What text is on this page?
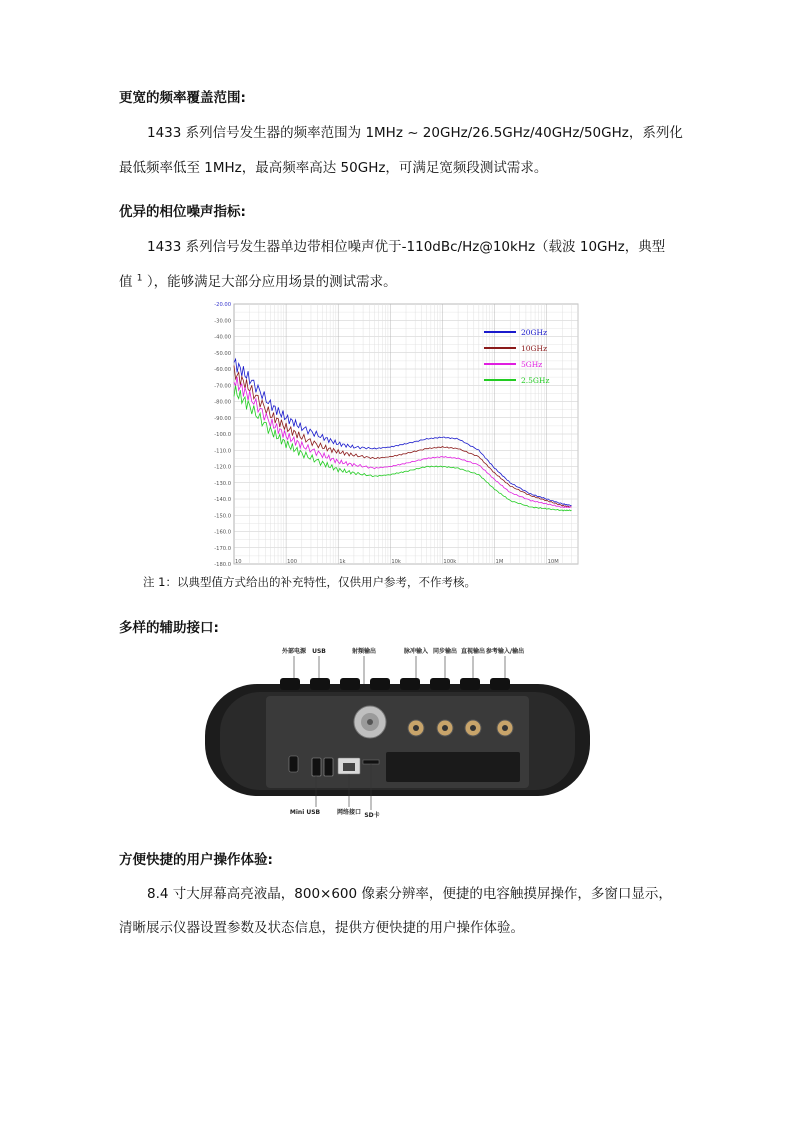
更宽的频率覆盖范围:
1433 系列信号发生器的频率范围为 1MHz ~ 20GHz/26.5GHz/40GHz/50GHz，系列化
最低频率低至 1MHz，最高频率高达 50GHz，可满足宽频段测试需求。
优异的相位噪声指标:
1433 系列信号发生器单边带相位噪声优于-110dBc/Hz@10kHz（载波 10GHz，典型
值 $^1$ ），能够满足大部分应用场景的测试需求。
-20.00
-30.00
-40.00
-50.00
-60.00
-70.00
-80.00
-90.00
-100.0
-110.0
-120.0
-130.0
-140.0
-150.0
-160.0
-170.0
-180.0 10	100	1k	10k	100k	1M	10M
20GHz
10GHz
5GHz
2.5GHz
注 1：以典型值方式给出的补充特性，仅供用户参考，不作考核。
多样的辅助接口:
外部电源 USB	射频输出	脉冲输入 同步输出 直视输出 参考输入/输出
Mini USB	网络接口 SD卡
方便快捷的用户操作体验:
8.4 寸大屏幕高亮液晶，800×600 像素分辨率，便捷的电容触摸屏操作，多窗口显示，
清晰展示仪器设置参数及状态信息，提供方便快捷的用户操作体验。
